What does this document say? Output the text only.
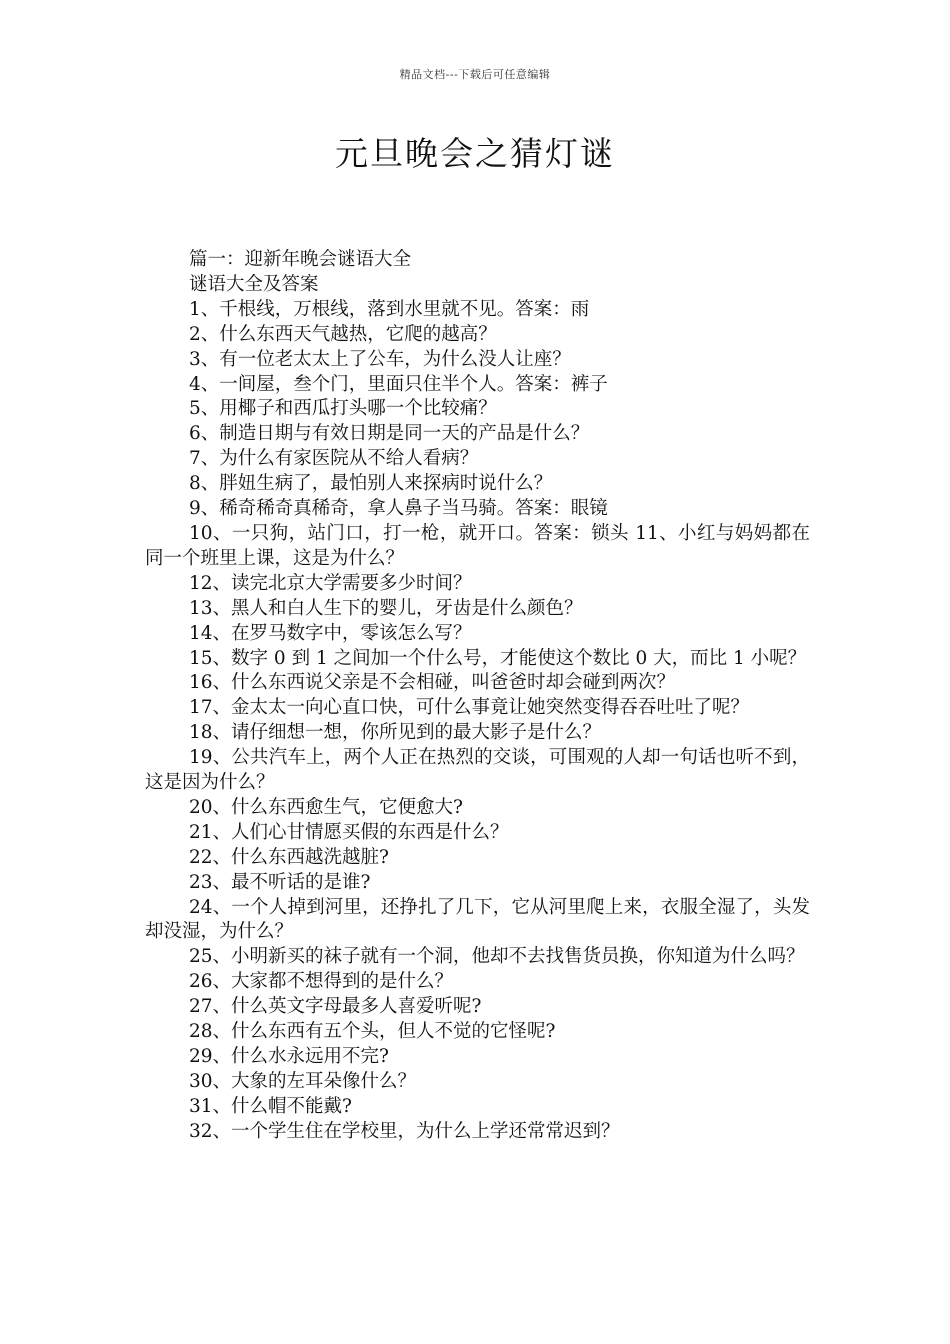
精品文档---下载后可任意编辑
元旦晚会之猜灯谜
篇一：迎新年晚会谜语大全
谜语大全及答案
1、千根线，万根线，落到水里就不见。答案：雨
2、什么东西天气越热，它爬的越高？
3、有一位老太太上了公车，为什么没人让座？
4、一间屋，叁个门，里面只住半个人。答案：裤子
5、用椰子和西瓜打头哪一个比较痛？
6、制造日期与有效日期是同一天的产品是什么？
7、为什么有家医院从不给人看病？
8、胖妞生病了，最怕别人来探病时说什么？
9、稀奇稀奇真稀奇，拿人鼻子当马骑。答案：眼镜
10、一只狗，站门口，打一枪，就开口。答案：锁头 11、小红与妈妈都在同一个班里上课，这是为什么？
12、读完北京大学需要多少时间？
13、黑人和白人生下的婴儿，牙齿是什么颜色？
14、在罗马数字中，零该怎么写？
15、数字 0 到 1 之间加一个什么号，才能使这个数比 0 大，而比 1 小呢？
16、什么东西说父亲是不会相碰，叫爸爸时却会碰到两次？
17、金太太一向心直口快，可什么事竟让她突然变得吞吞吐吐了呢？
18、请仔细想一想，你所见到的最大影子是什么？
19、公共汽车上，两个人正在热烈的交谈，可围观的人却一句话也听不到，这是因为什么？
20、什么东西愈生气，它便愈大?
21、人们心甘情愿买假的东西是什么？
22、什么东西越洗越脏?
23、最不听话的是谁?
24、一个人掉到河里，还挣扎了几下，它从河里爬上来，衣服全湿了，头发却没湿，为什么？
25、小明新买的袜子就有一个洞，他却不去找售货员换，你知道为什么吗？
26、大家都不想得到的是什么？
27、什么英文字母最多人喜爱听呢?
28、什么东西有五个头，但人不觉的它怪呢?
29、什么水永远用不完?
30、大象的左耳朵像什么？
31、什么帽不能戴?
32、一个学生住在学校里，为什么上学还常常迟到？
